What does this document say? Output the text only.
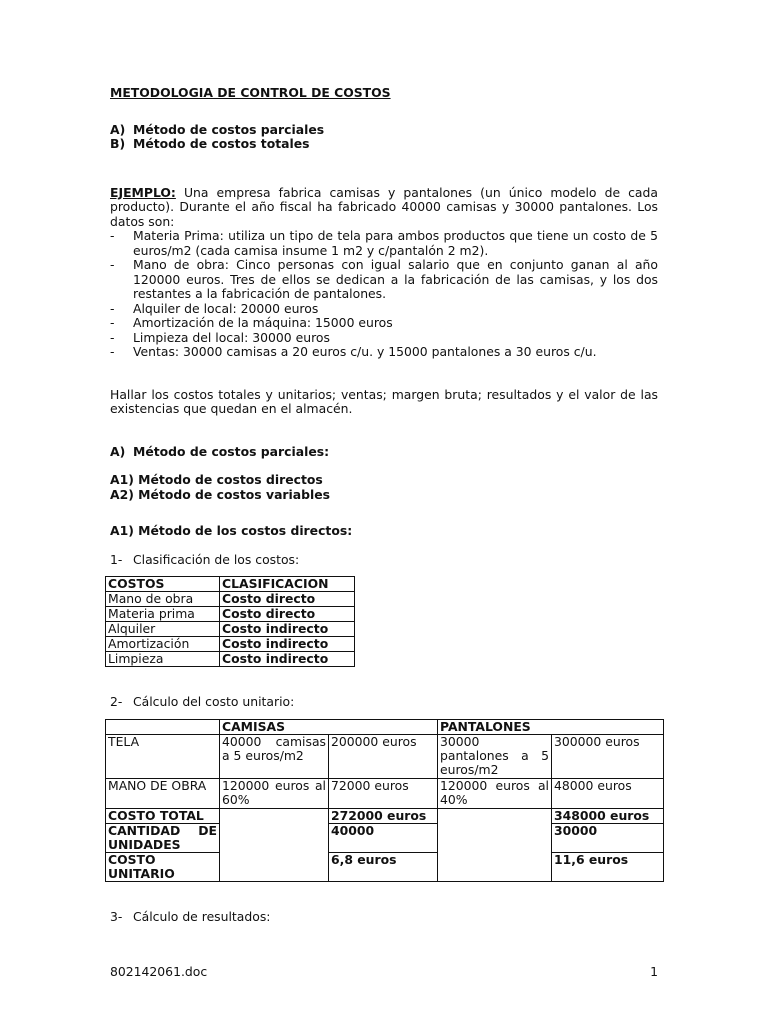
METODOLOGIA DE CONTROL DE COSTOS

A) Método de costos parciales
B) Método de costos totales

EJEMPLO: Una empresa fabrica camisas y pantalones (un único modelo de cada producto). Durante el año fiscal ha fabricado 40000 camisas y 30000 pantalones. Los datos son:

-	Materia Prima: utiliza un tipo de tela para ambos productos que tiene un costo de 5 euros/m2 (cada camisa insume 1 m2 y c/pantalón 2 m2).
-	Mano de obra: Cinco personas con igual salario que en conjunto ganan al año 120000 euros. Tres de ellos se dedican a la fabricación de las camisas, y los dos restantes a la fabricación de pantalones.
-	Alquiler de local: 20000 euros
-	Amortización de la máquina: 15000 euros
-	Limpieza del local: 30000 euros
-	Ventas: 30000 camisas a 20 euros c/u. y 15000 pantalones a 30 euros c/u.

Hallar los costos totales y unitarios; ventas; margen bruta; resultados y el valor de las existencias que quedan en el almacén.

A) Método de costos parciales:

A1) Método de costos directos

A2) Método de costos variables

A1) Método de los costos directos:

1- Clasificación de los costos:
COSTOS	CLASIFICACION
Mano de obra	Costo directo
Materia prima	Costo directo
Alquiler	Costo indirecto
Amortización	Costo indirecto
Limpieza	Costo indirecto
2- Cálculo del costo unitario:
	CAMISAS		PANTALONES	
TELA	40000 camisas a 5 euros/m2	200000 euros	30000 pantalones a 5 euros/m2	300000 euros
MANO DE OBRA	120000 euros al 60%	72000 euros	120000 euros al 40%	48000 euros
COSTO TOTAL		272000 euros		348000 euros
CANTIDAD DE UNIDADES		40000		30000
COSTO UNITARIO		6,8 euros		11,6 euros
3- Cálculo de resultados:
802142061.doc	1
